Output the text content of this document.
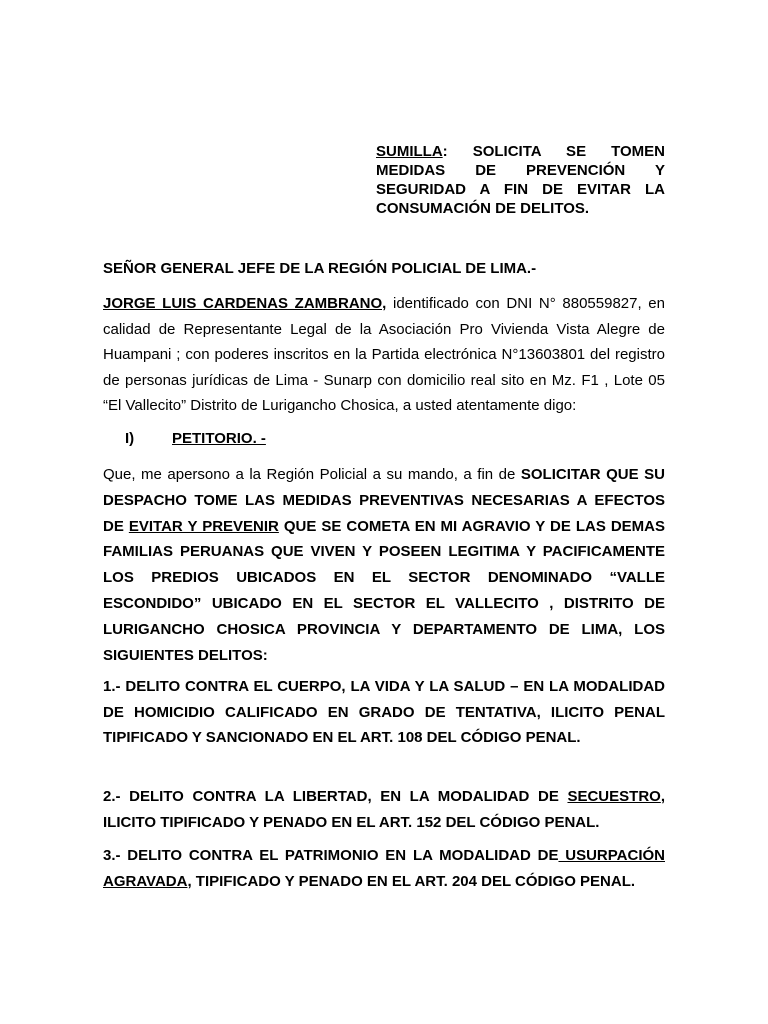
SUMILLA: SOLICITA SE TOMEN MEDIDAS DE PREVENCIÓN Y SEGURIDAD A FIN DE EVITAR LA CONSUMACIÓN DE DELITOS.
SEÑOR GENERAL JEFE DE LA REGIÓN POLICIAL DE LIMA.-
JORGE LUIS CARDENAS ZAMBRANO, identificado con DNI N° 880559827, en calidad de Representante Legal de la Asociación Pro Vivienda Vista Alegre de Huampani ; con poderes inscritos en la Partida electrónica N°13603801 del registro de personas jurídicas de Lima - Sunarp con domicilio real sito en Mz. F1 , Lote 05 “El Vallecito” Distrito de Lurigancho Chosica, a usted atentamente digo:
I)	PETITORIO. -
Que, me apersono a la Región Policial a su mando, a fin de SOLICITAR QUE SU DESPACHO TOME LAS MEDIDAS PREVENTIVAS NECESARIAS A EFECTOS DE EVITAR Y PREVENIR QUE SE COMETA EN MI AGRAVIO Y DE LAS DEMAS FAMILIAS PERUANAS QUE VIVEN Y POSEEN LEGITIMA Y PACIFICAMENTE LOS PREDIOS UBICADOS EN EL SECTOR DENOMINADO “VALLE ESCONDIDO” UBICADO EN EL SECTOR EL VALLECITO , DISTRITO DE LURIGANCHO CHOSICA PROVINCIA Y DEPARTAMENTO DE LIMA, LOS SIGUIENTES DELITOS:
1.- DELITO CONTRA EL CUERPO, LA VIDA Y LA SALUD – EN LA MODALIDAD DE HOMICIDIO CALIFICADO EN GRADO DE TENTATIVA, ILICITO PENAL TIPIFICADO Y SANCIONADO EN EL ART. 108 DEL CÓDIGO PENAL.
2.- DELITO CONTRA LA LIBERTAD, EN LA MODALIDAD DE SECUESTRO, ILICITO TIPIFICADO Y PENADO EN EL ART. 152 DEL CÓDIGO PENAL.
3.- DELITO CONTRA EL PATRIMONIO EN LA MODALIDAD DE USURPACIÓN AGRAVADA, TIPIFICADO Y PENADO EN EL ART. 204 DEL CÓDIGO PENAL.
